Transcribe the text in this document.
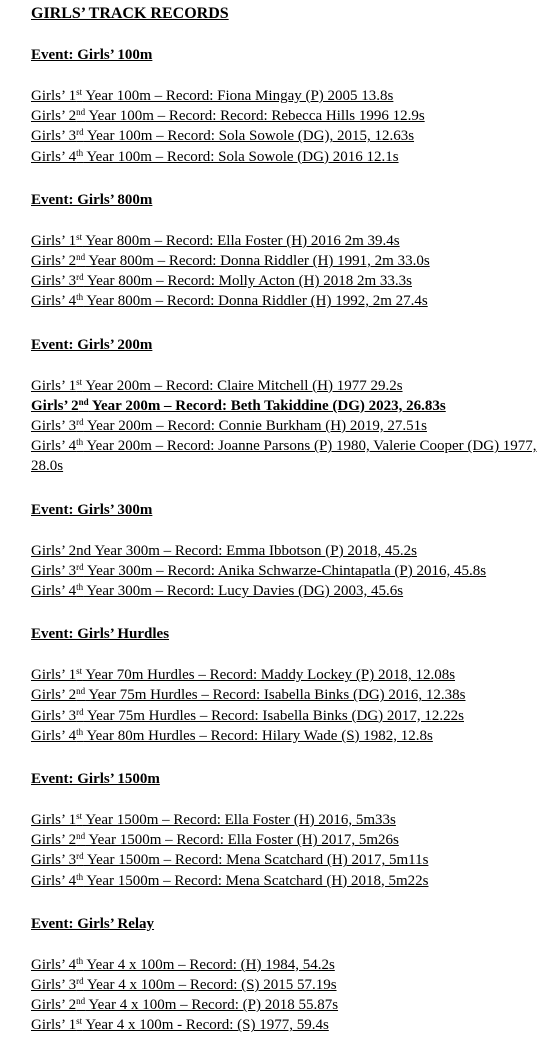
GIRLS’ TRACK RECORDS
Event: Girls’ 100m
Girls’ 1st Year 100m – Record: Fiona Mingay (P) 2005 13.8s
Girls’ 2nd Year 100m – Record: Record: Rebecca Hills 1996 12.9s
Girls’ 3rd Year 100m – Record: Sola Sowole (DG), 2015, 12.63s
Girls’ 4th Year 100m – Record: Sola Sowole (DG) 2016 12.1s
Event: Girls’ 800m
Girls’ 1st Year 800m – Record: Ella Foster (H) 2016 2m 39.4s
Girls’ 2nd Year 800m – Record: Donna Riddler (H) 1991, 2m 33.0s
Girls’ 3rd Year 800m – Record: Molly Acton (H) 2018 2m 33.3s
Girls’ 4th Year 800m – Record: Donna Riddler (H) 1992, 2m 27.4s
Event: Girls’ 200m
Girls’ 1st Year 200m – Record: Claire Mitchell (H) 1977 29.2s
Girls’ 2nd Year 200m – Record: Beth Takiddine (DG) 2023, 26.83s
Girls’ 3rd Year 200m – Record: Connie Burkham (H) 2019, 27.51s
Girls’ 4th Year 200m – Record: Joanne Parsons (P) 1980, Valerie Cooper (DG) 1977, 28.0s
Event: Girls’ 300m
Girls’ 2nd Year 300m – Record: Emma Ibbotson (P) 2018, 45.2s
Girls’ 3rd Year 300m – Record: Anika Schwarze-Chintapatla (P) 2016, 45.8s
Girls’ 4th Year 300m – Record: Lucy Davies (DG) 2003, 45.6s
Event: Girls’ Hurdles
Girls’ 1st Year 70m Hurdles – Record: Maddy Lockey (P) 2018, 12.08s
Girls’ 2nd Year 75m Hurdles – Record: Isabella Binks (DG) 2016, 12.38s
Girls’ 3rd Year 75m Hurdles – Record: Isabella Binks (DG) 2017, 12.22s
Girls’ 4th Year 80m Hurdles – Record: Hilary Wade (S) 1982, 12.8s
Event: Girls’ 1500m
Girls’ 1st Year 1500m – Record: Ella Foster (H) 2016, 5m33s
Girls’ 2nd Year 1500m – Record: Ella Foster (H) 2017, 5m26s
Girls’ 3rd Year 1500m – Record: Mena Scatchard (H) 2017, 5m11s
Girls’ 4th Year 1500m – Record: Mena Scatchard (H) 2018, 5m22s
Event: Girls’ Relay
Girls’ 4th Year 4 x 100m – Record: (H) 1984, 54.2s
Girls’ 3rd Year 4 x 100m – Record: (S) 2015 57.19s
Girls’ 2nd Year 4 x 100m – Record: (P) 2018 55.87s
Girls’ 1st Year 4 x 100m - Record: (S) 1977, 59.4s
